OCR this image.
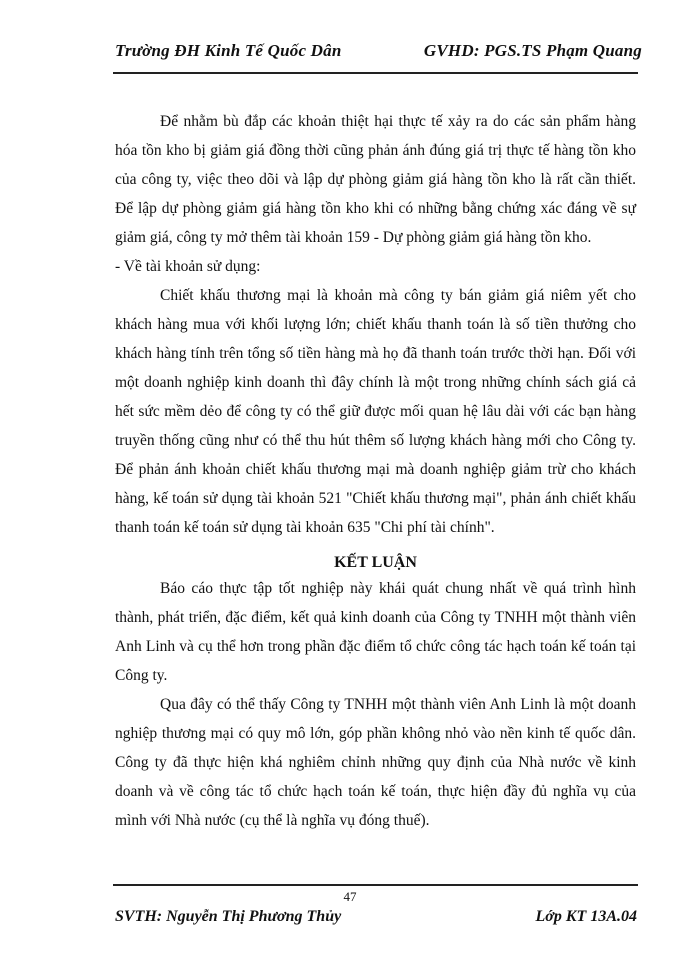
Trường ĐH Kinh Tế Quốc Dân	GVHD: PGS.TS Phạm Quang

Để nhằm bù đắp các khoản thiệt hại thực tế xảy ra do các sản phẩm hàng hóa tồn kho bị giảm giá đồng thời cũng phản ánh đúng giá trị thực tế hàng tồn kho của công ty, việc theo dõi và lập dự phòng giảm giá hàng tồn kho là rất cần thiết. Để lập dự phòng giảm giá hàng tồn kho khi có những bằng chứng xác đáng về sự giảm giá, công ty mở thêm tài khoản 159 - Dự phòng giảm giá hàng tồn kho.

- Về tài khoản sử dụng:

Chiết khấu thương mại là khoản mà công ty bán giảm giá niêm yết cho khách hàng mua với khối lượng lớn; chiết khấu thanh toán là số tiền thưởng cho khách hàng tính trên tổng số tiền hàng mà họ đã thanh toán trước thời hạn. Đối với một doanh nghiệp kinh doanh thì đây chính là một trong những chính sách giá cả hết sức mềm dẻo để công ty có thể giữ được mối quan hệ lâu dài với các bạn hàng truyền thống cũng như có thể thu hút thêm số lượng khách hàng mới cho Công ty. Để phản ánh khoản chiết khấu thương mại mà doanh nghiệp giảm trừ cho khách hàng, kế toán sử dụng tài khoản 521 "Chiết khấu thương mại", phản ánh chiết khấu thanh toán kế toán sử dụng tài khoản 635 "Chi phí tài chính".

KẾT LUẬN

Báo cáo thực tập tốt nghiệp này khái quát chung nhất về quá trình hình thành, phát triển, đặc điểm, kết quả kinh doanh của Công ty TNHH một thành viên Anh Linh và cụ thể hơn trong phần đặc điểm tổ chức công tác hạch toán kế toán tại Công ty.

Qua đây có thể thấy Công ty TNHH một thành viên Anh Linh là một doanh nghiệp thương mại có quy mô lớn, góp phần không nhỏ vào nền kinh tế quốc dân. Công ty đã thực hiện khá nghiêm chỉnh những quy định của Nhà nước về kinh doanh và về công tác tổ chức hạch toán kế toán, thực hiện đầy đủ nghĩa vụ của mình với Nhà nước (cụ thể là nghĩa vụ đóng thuế).

47
SVTH: Nguyễn Thị Phương Thủy	Lớp KT 13A.04
